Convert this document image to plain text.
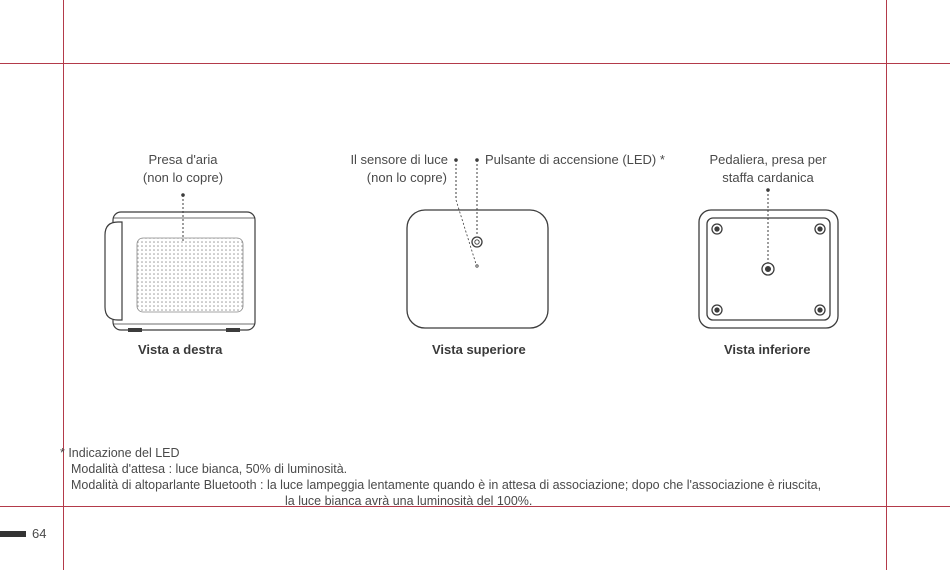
Presa d'aria
(non lo copre)
Il sensore di luce
(non lo copre)
Pulsante di accensione (LED) *	Pedaliera, presa per
staffa cardanica
Vista a destra	Vista superiore	Vista inferiore
* Indicazione del LED
Modalità d'attesa : luce bianca, 50% di luminosità.
Modalità di altoparlante Bluetooth : la luce lampeggia lentamente quando è in attesa di associazione; dopo che l'associazione è riuscita,
la luce bianca avrà una luminosità del 100%.
64
